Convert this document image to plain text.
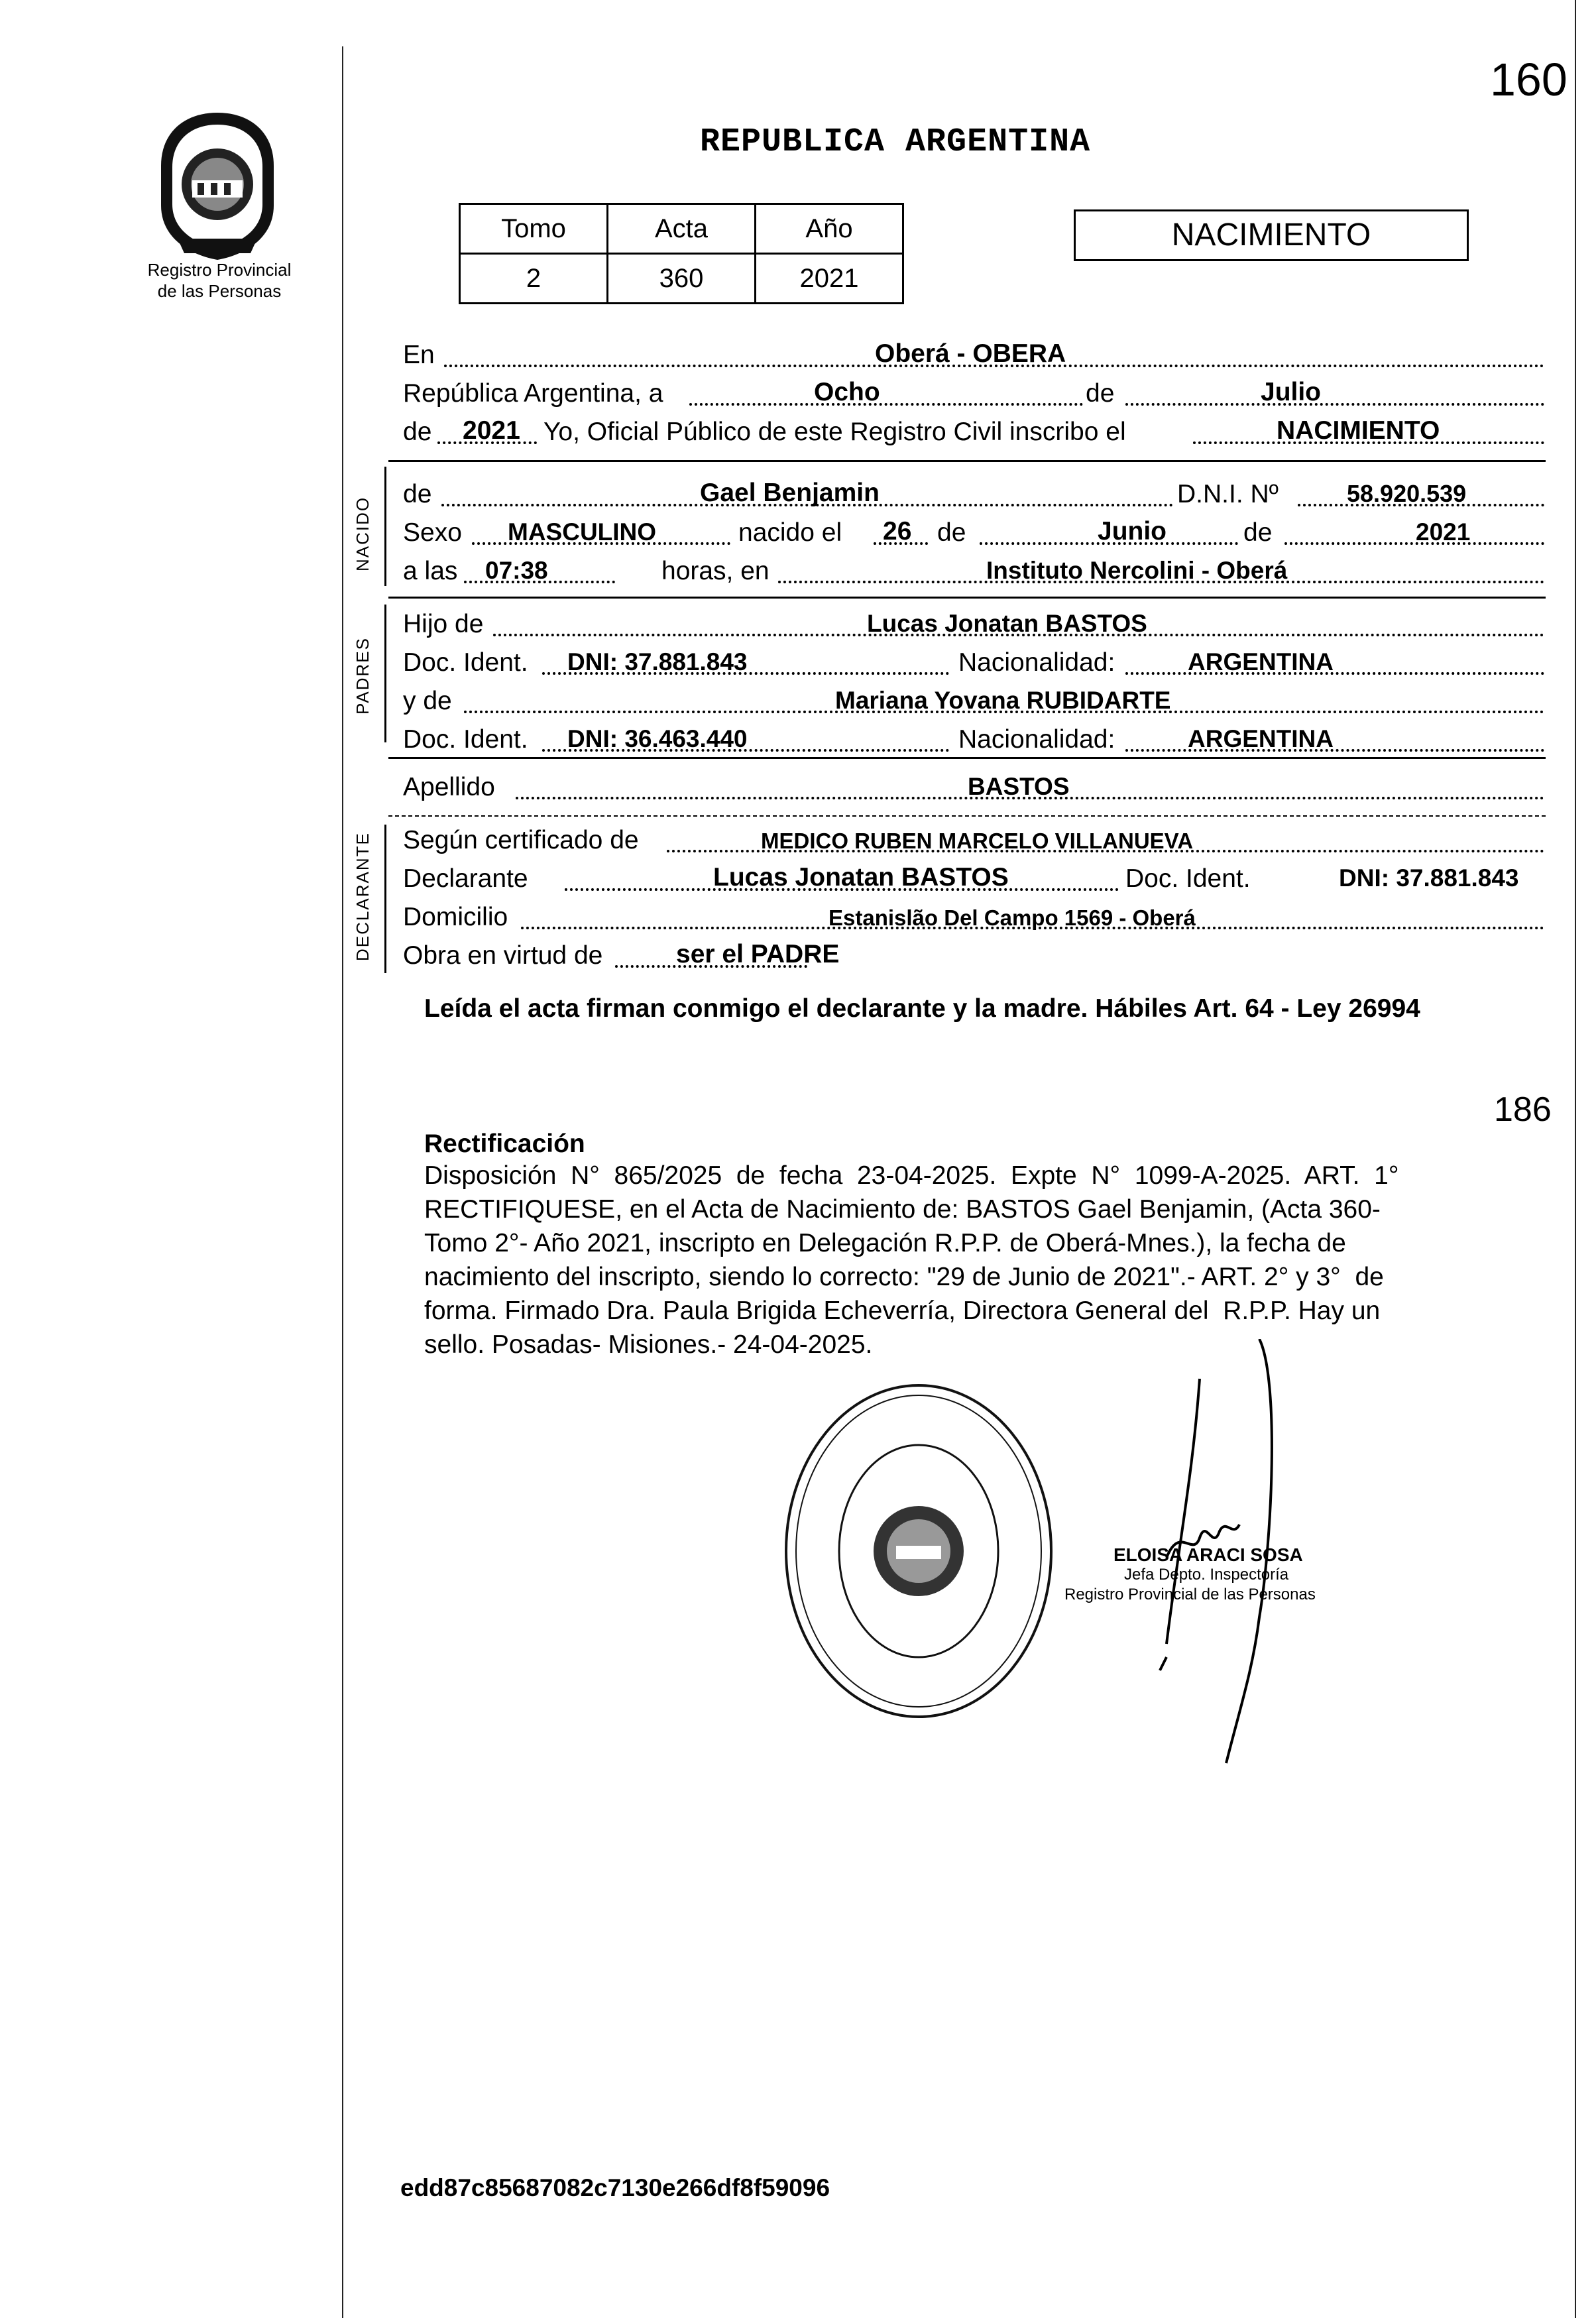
160
Registro Provincial
de las Personas
REPUBLICA ARGENTINA
Tomo	Acta	Año
2	360	2021
NACIMIENTO
En	Oberá - OBERA
República Argentina, a	Ocho	de	Julio
de 2021 Yo, Oficial Público de este Registro Civil inscribo el	NACIMIENTO
NACIDO
de	Gael Benjamin	D.N.I. Nº	58.920.539
Sexo MASCULINO	nacido el 26 de	Junio	de	2021
a las 07:38	horas, en	Instituto Nercolini - Oberá
PADRES
Hijo de	Lucas Jonatan BASTOS
Doc. Ident. DNI: 37.881.843	Nacionalidad:	ARGENTINA
y de	Mariana Yovana RUBIDARTE
Doc. Ident. DNI: 36.463.440	Nacionalidad:	ARGENTINA
Apellido	BASTOS
DECLARANTE Según certificado de	MEDICO RUBEN MARCELO VILLANUEVA
Declarante	Lucas Jonatan BASTOS	Doc. Ident.	DNI: 37.881.843
Domicilio	Estanislão Del Campo 1569 - Oberá
Obra en virtud de	ser el PADRE
Leída el acta firman conmigo el declarante y la madre. Hábiles Art. 64 - Ley 26994
186
Rectificación
Disposición  N°  865/2025  de  fecha  23-04-2025.  Expte  N°  1099-A-2025.  ART.  1°
RECTIFIQUESE, en el Acta de Nacimiento de: BASTOS Gael Benjamin, (Acta 360-
Tomo 2°- Año 2021, inscripto en Delegación R.P.P. de Oberá-Mnes.), la fecha de
nacimiento del inscripto, siendo lo correcto: "29 de Junio de 2021".- ART. 2° y 3°  de
forma. Firmado Dra. Paula Brigida Echeverría, Directora General del  R.P.P. Hay un
sello. Posadas- Misiones.- 24-04-2025.
ELOISA ARACI SOSA
Jefa Depto. Inspectoría
Registro Provincial de las Personas
edd87c85687082c7130e266df8f59096
